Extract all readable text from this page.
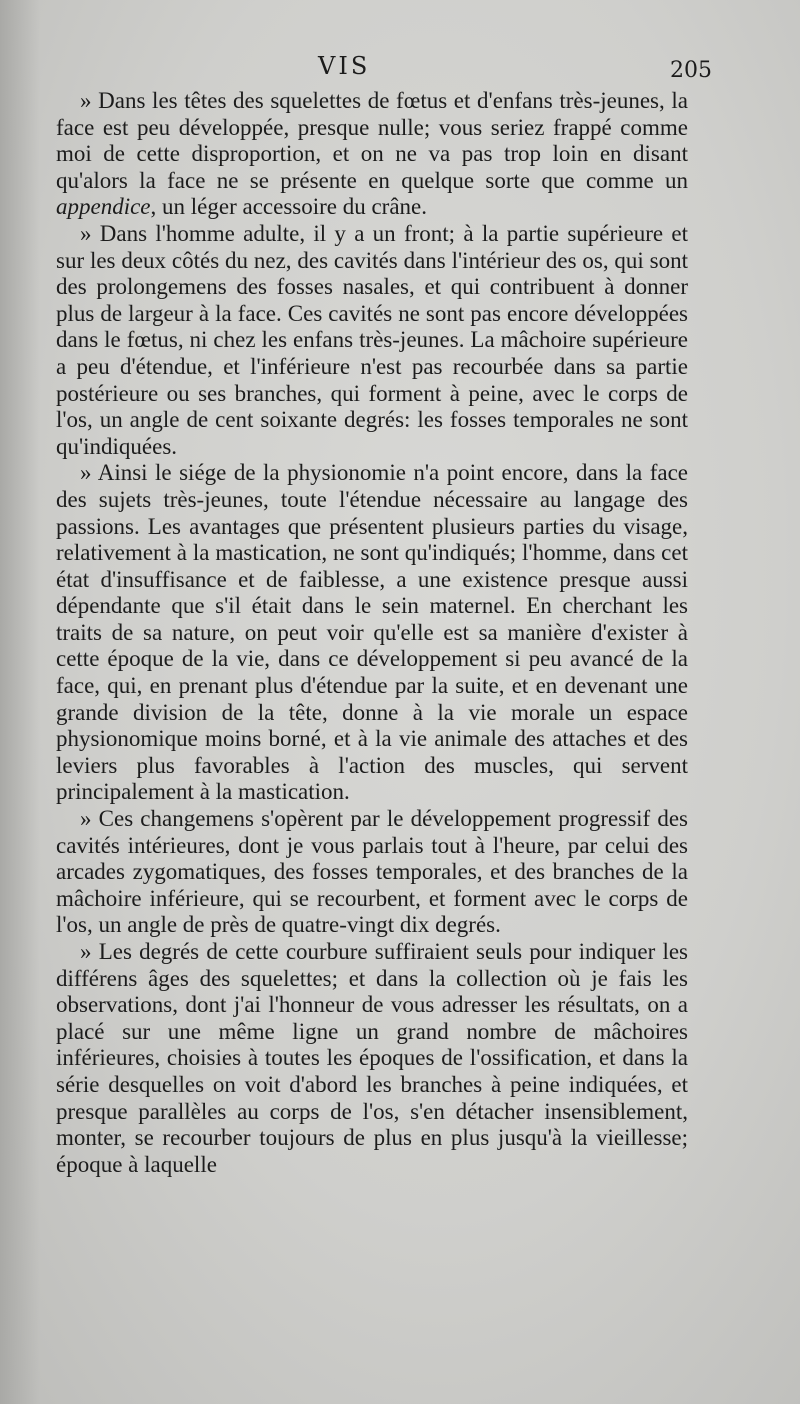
VIS	205

» Dans les têtes des squelettes de fœtus et d'enfans très-jeunes, la face est peu développée, presque nulle; vous seriez frappé comme moi de cette disproportion, et on ne va pas trop loin en disant qu'alors la face ne se présente en quelque sorte que comme un appendice, un léger accessoire du crâne.

» Dans l'homme adulte, il y a un front; à la partie supérieure et sur les deux côtés du nez, des cavités dans l'intérieur des os, qui sont des prolongemens des fosses nasales, et qui contribuent à donner plus de largeur à la face. Ces cavités ne sont pas encore développées dans le fœtus, ni chez les enfans très-jeunes. La mâchoire supérieure a peu d'étendue, et l'inférieure n'est pas recourbée dans sa partie postérieure ou ses branches, qui forment à peine, avec le corps de l'os, un angle de cent soixante degrés: les fosses temporales ne sont qu'indiquées.

» Ainsi le siége de la physionomie n'a point encore, dans la face des sujets très-jeunes, toute l'étendue nécessaire au langage des passions. Les avantages que présentent plusieurs parties du visage, relativement à la mastication, ne sont qu'indiqués; l'homme, dans cet état d'insuffisance et de faiblesse, a une existence presque aussi dépendante que s'il était dans le sein maternel. En cherchant les traits de sa nature, on peut voir qu'elle est sa manière d'exister à cette époque de la vie, dans ce développement si peu avancé de la face, qui, en prenant plus d'étendue par la suite, et en devenant une grande division de la tête, donne à la vie morale un espace physionomique moins borné, et à la vie animale des attaches et des leviers plus favorables à l'action des muscles, qui servent principalement à la mastication.

» Ces changemens s'opèrent par le développement progressif des cavités intérieures, dont je vous parlais tout à l'heure, par celui des arcades zygomatiques, des fosses temporales, et des branches de la mâchoire inférieure, qui se recourbent, et forment avec le corps de l'os, un angle de près de quatre-vingt dix degrés.

» Les degrés de cette courbure suffiraient seuls pour indiquer les différens âges des squelettes; et dans la collection où je fais les observations, dont j'ai l'honneur de vous adresser les résultats, on a placé sur une même ligne un grand nombre de mâchoires inférieures, choisies à toutes les époques de l'ossification, et dans la série desquelles on voit d'abord les branches à peine indiquées, et presque parallèles au corps de l'os, s'en détacher insensiblement, monter, se recourber toujours de plus en plus jusqu'à la vieillesse; époque à laquelle
